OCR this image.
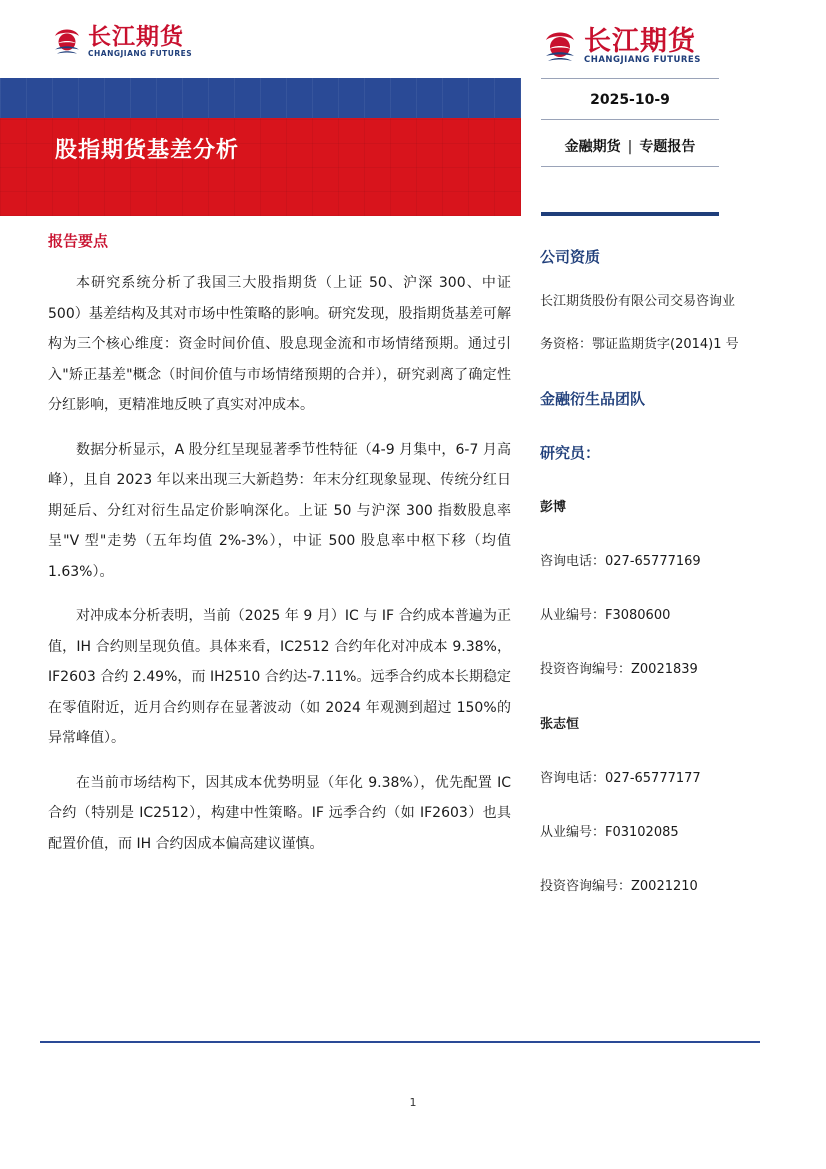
长江期货
CHANGJIANG FUTURES	长江期货
CHANGJIANG FUTURES
股指期货基差分析
2025-10-9
金融期货 | 专题报告
报告要点

本研究系统分析了我国三大股指期货（上证 50、沪深 300、中证 500）基差结构及其对市场中性策略的影响。研究发现，股指期货基差可解构为三个核心维度：资金时间价值、股息现金流和市场情绪预期。通过引入"矫正基差"概念（时间价值与市场情绪预期的合并），研究剥离了确定性分红影响，更精准地反映了真实对冲成本。

数据分析显示，A 股分红呈现显著季节性特征（4-9 月集中，6-7 月高峰），且自 2023 年以来出现三大新趋势：年末分红现象显现、传统分红日期延后、分红对衍生品定价影响深化。上证 50 与沪深 300 指数股息率呈"V 型"走势（五年均值 2%-3%），中证 500 股息率中枢下移（均值 1.63%）。

对冲成本分析表明，当前（2025 年 9 月）IC 与 IF 合约成本普遍为正值，IH 合约则呈现负值。具体来看，IC2512 合约年化对冲成本 9.38%，IF2603 合约 2.49%，而 IH2510 合约达-7.11%。远季合约成本长期稳定在零值附近，近月合约则存在显著波动（如 2024 年观测到超过 150%的异常峰值）。

在当前市场结构下，因其成本优势明显（年化 9.38%），优先配置 IC 合约（特别是 IC2512），构建中性策略。IF 远季合约（如 IF2603）也具配置价值，而 IH 合约因成本偏高建议谨慎。

公司资质
长江期货股份有限公司交易咨询业
务资格：鄂证监期货字(2014)1 号
金融衍生品团队
研究员：
彭博
咨询电话：027-65777169
从业编号：F3080600
投资咨询编号：Z0021839
张志恒
咨询电话：027-65777177
从业编号：F03102085
投资咨询编号：Z0021210
1
